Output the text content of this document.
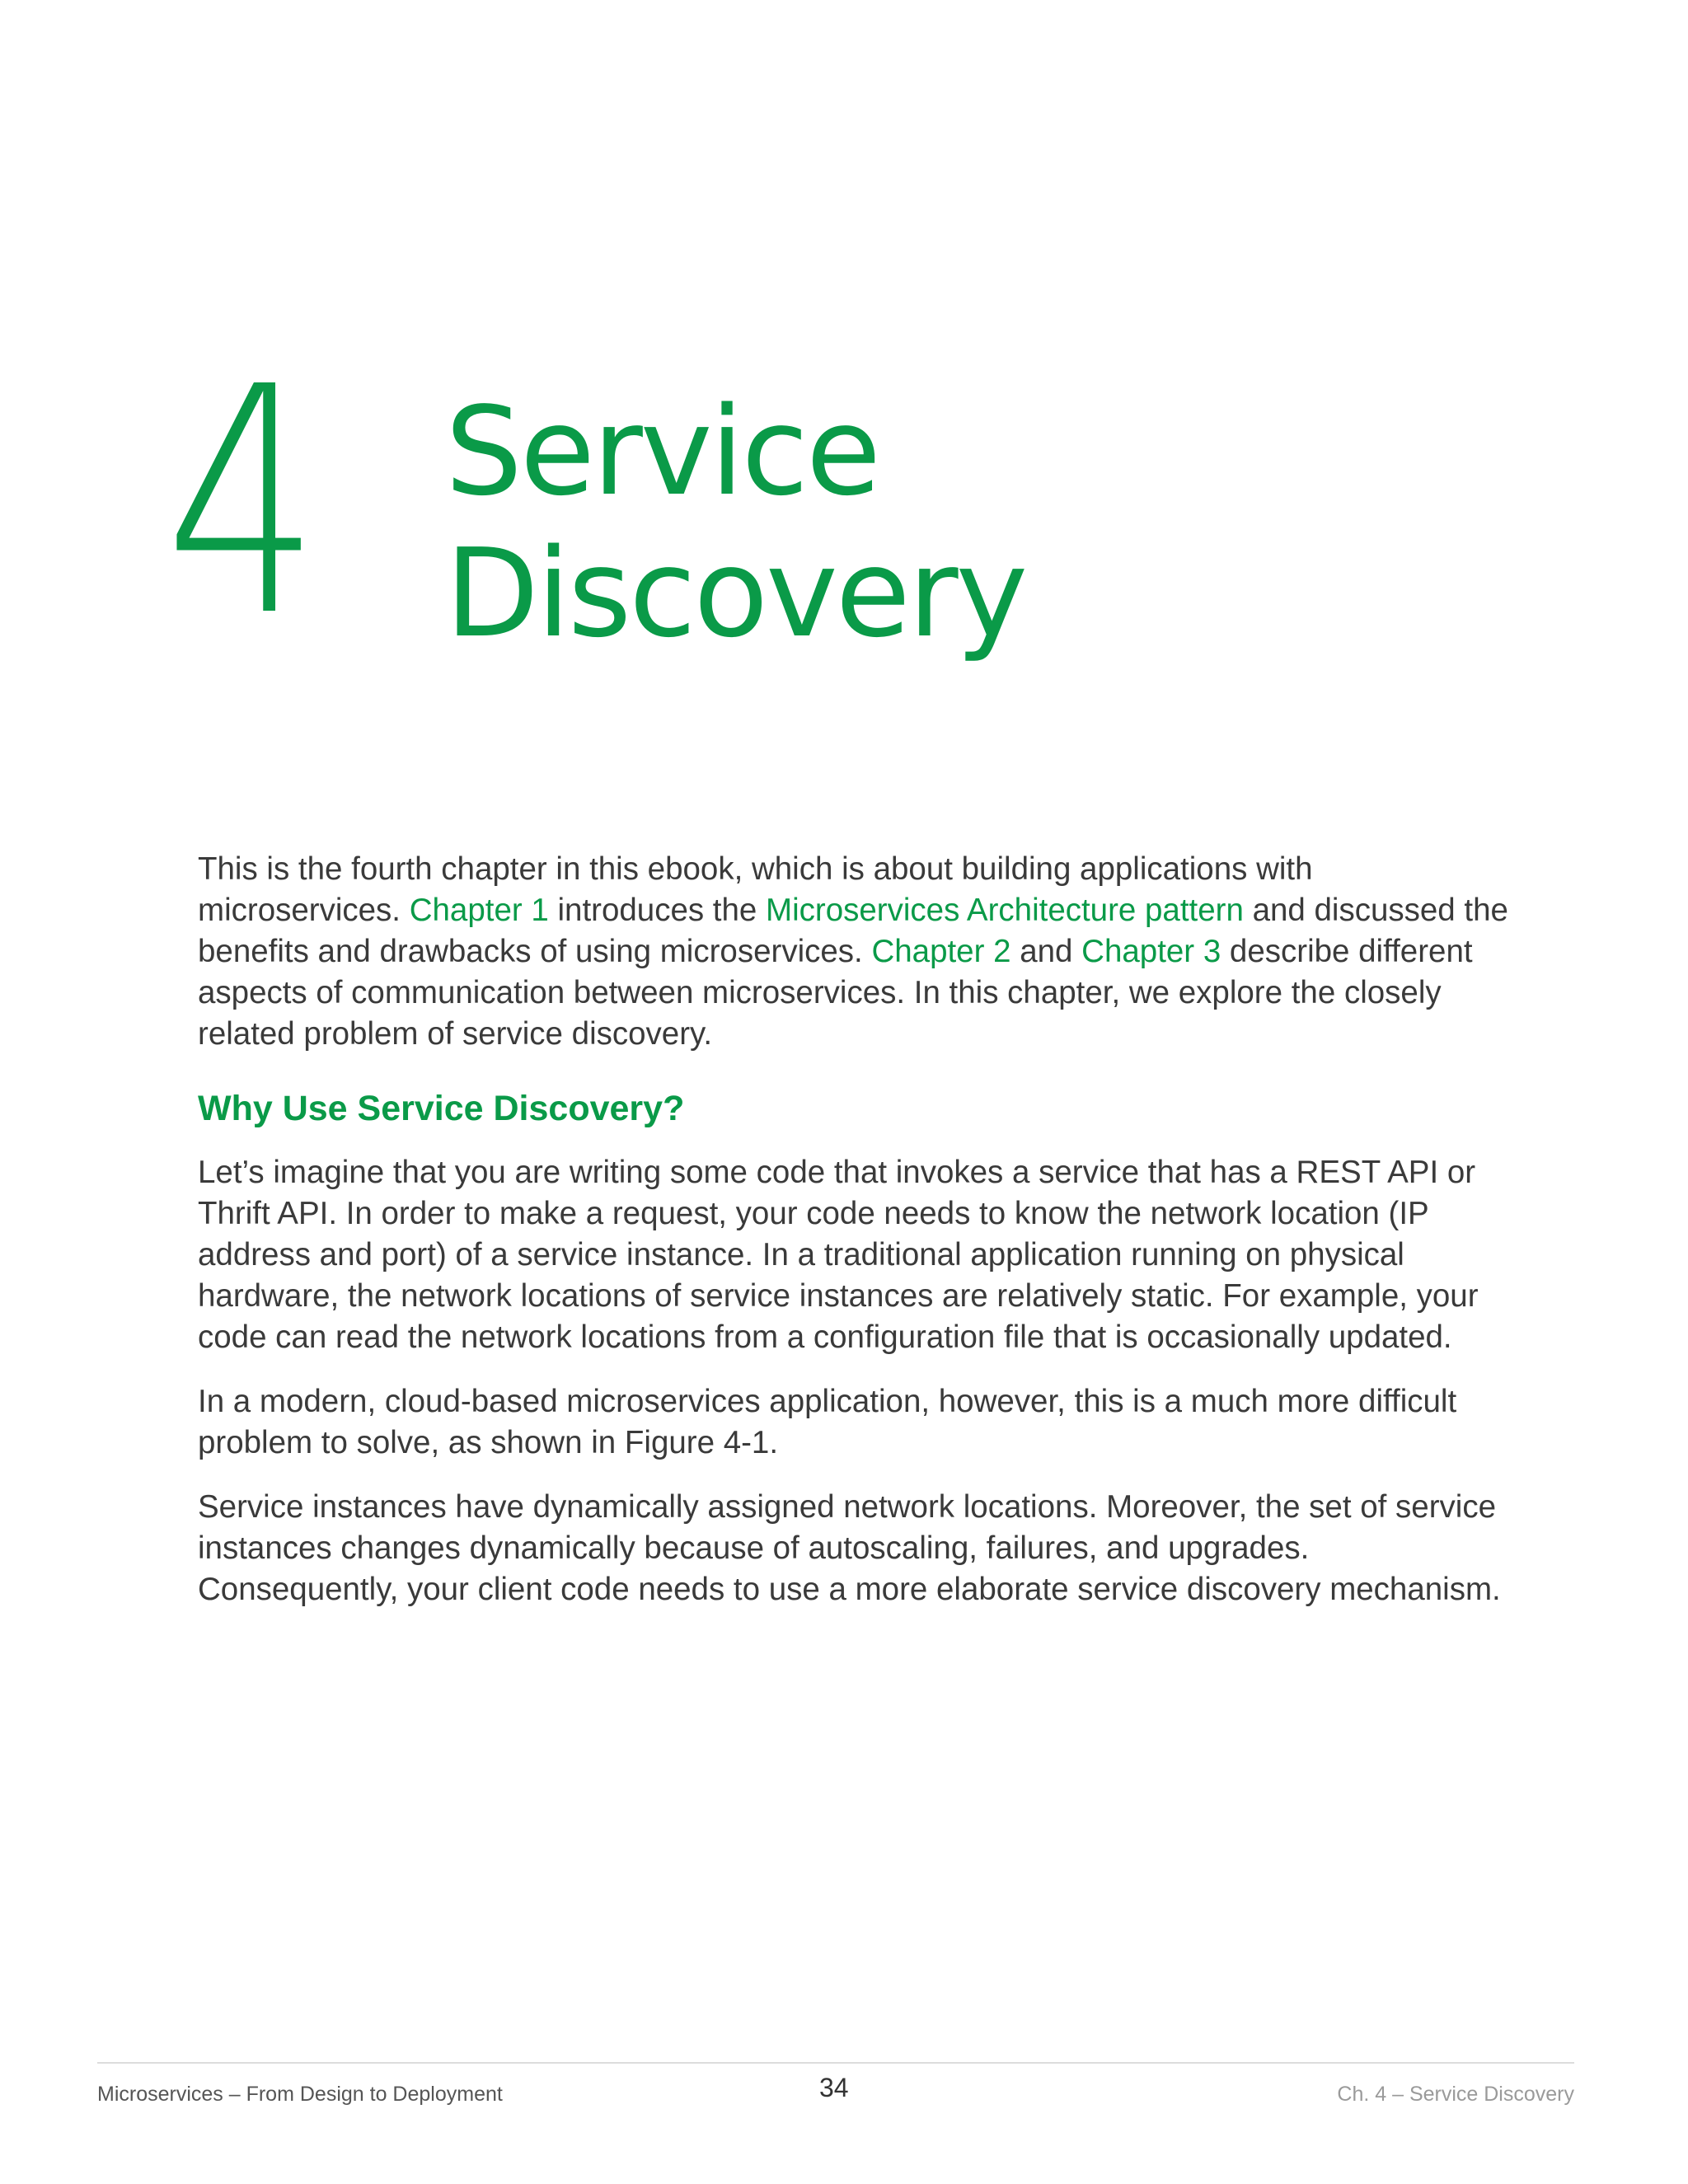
4 Service
Discovery

This is the fourth chapter in this ebook, which is about building applications with microservices. Chapter 1 introduces the Microservices Architecture pattern and discussed the benefits and drawbacks of using microservices. Chapter 2 and Chapter 3 describe different aspects of communication between microservices. In this chapter, we explore the closely related problem of service discovery.

Why Use Service Discovery?

Let’s imagine that you are writing some code that invokes a service that has a REST API or Thrift API. In order to make a request, your code needs to know the network location (IP address and port) of a service instance. In a traditional application running on physical hardware, the network locations of service instances are relatively static. For example, your code can read the network locations from a configuration file that is occasionally updated.

In a modern, cloud-based microservices application, however, this is a much more difficult problem to solve, as shown in Figure 4-1.

Service instances have dynamically assigned network locations. Moreover, the set of service instances changes dynamically because of autoscaling, failures, and upgrades. Consequently, your client code needs to use a more elaborate service discovery mechanism.

Microservices – From Design to Deployment	34	Ch. 4 – Service Discovery
